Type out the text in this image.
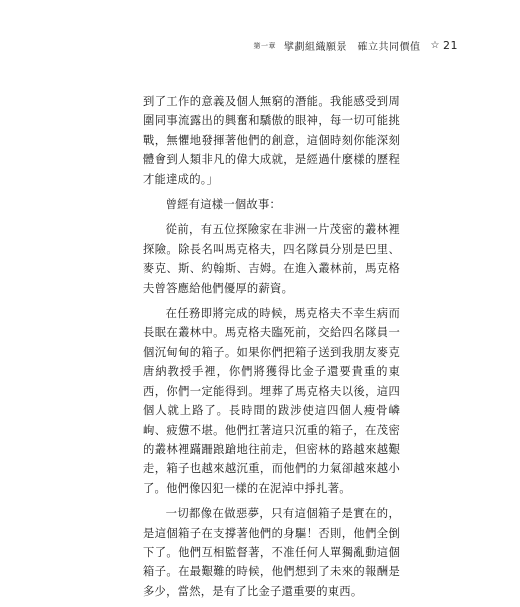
第一章 擘劃組織願景　確立共同價值 ☆ 21

到了工作的意義及個人無窮的潛能。我能感受到周圍同事流露出的興奮和驕傲的眼神，每一切可能挑戰，無懼地發揮著他們的創意，這個時刻你能深刻體會到人類非凡的偉大成就，是經過什麼樣的歷程才能達成的。」

曾經有這樣一個故事：

從前，有五位探險家在非洲一片茂密的叢林裡探險。除長名叫馬克格夫，四名隊員分別是巴里、麥克、斯、約翰斯、吉姆。在進入叢林前，馬克格夫曾答應給他們優厚的薪資。

在任務即將完成的時候，馬克格夫不幸生病而長眠在叢林中。馬克格夫臨死前，交給四名隊員一個沉甸甸的箱子。如果你們把箱子送到我朋友麥克唐納教授手裡，你們將獲得比金子還要貴重的東西，你們一定能得到。埋葬了馬克格夫以後，這四個人就上路了。長時間的跋涉使這四個人瘦骨嶙峋、疲憊不堪。他們扛著這只沉重的箱子，在茂密的叢林裡蹣跚踉蹌地往前走，但密林的路越來越艱走，箱子也越來越沉重，而他們的力氣卻越來越小了。他們像囚犯一樣的在泥淖中掙扎著。

一切都像在做惡夢，只有這個箱子是實在的，是這個箱子在支撐著他們的身驅！否則，他們全倒下了。他們互相監督著，不准任何人單獨亂動這個箱子。在最艱難的時候，他們想到了未來的報酬是多少，當然，是有了比金子還重要的東西。
